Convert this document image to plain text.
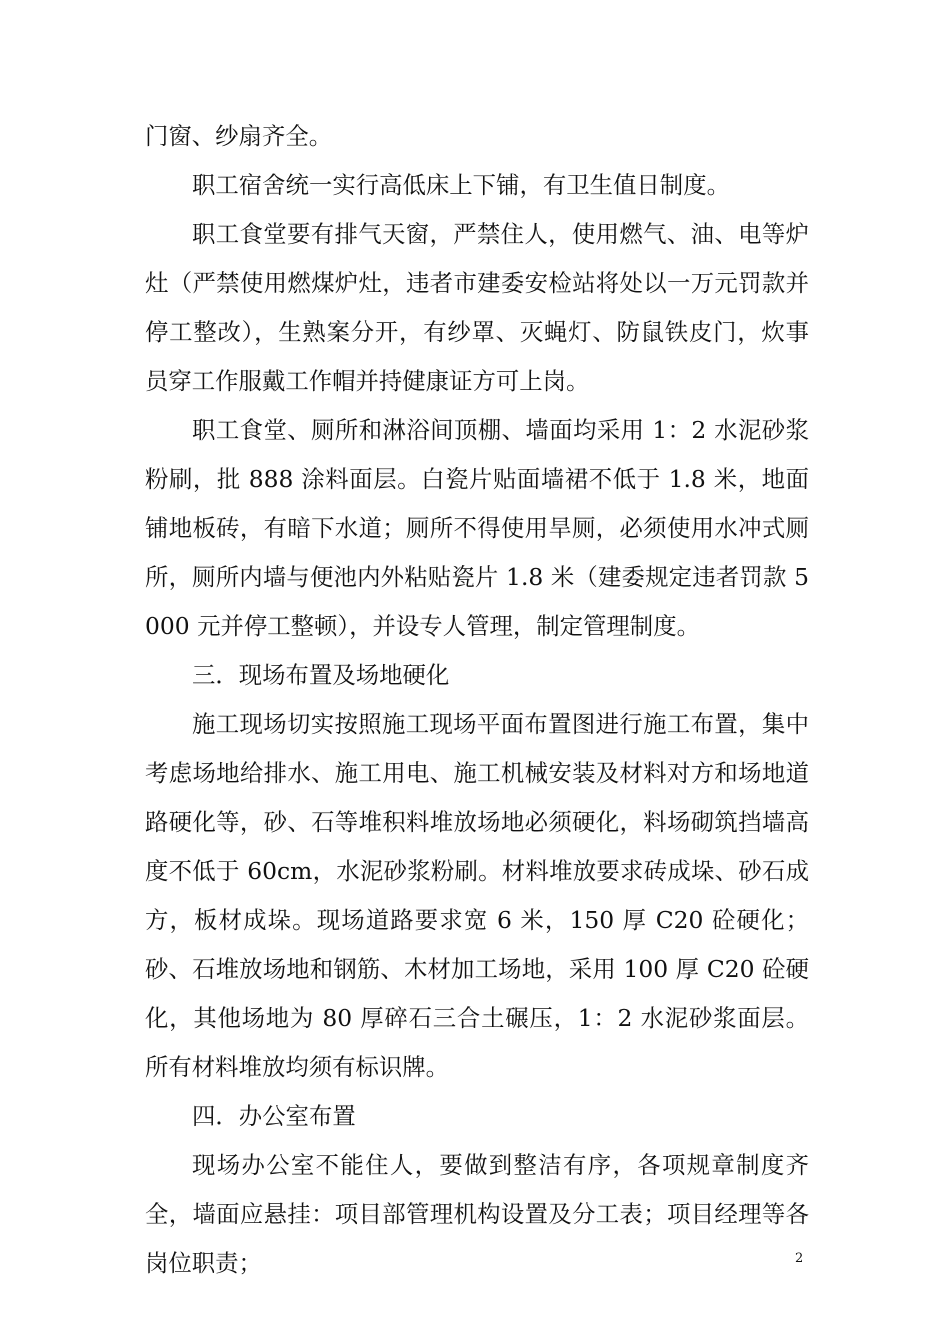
门窗、纱扇齐全。

职工宿舍统一实行高低床上下铺，有卫生值日制度。

职工食堂要有排气天窗，严禁住人，使用燃气、油、电等炉灶（严禁使用燃煤炉灶，违者市建委安检站将处以一万元罚款并停工整改），生熟案分开，有纱罩、灭蝇灯、防鼠铁皮门，炊事员穿工作服戴工作帽并持健康证方可上岗。

职工食堂、厕所和淋浴间顶棚、墙面均采用 1：2 水泥砂浆粉刷，批 888 涂料面层。白瓷片贴面墙裙不低于 1.8 米，地面铺地板砖，有暗下水道；厕所不得使用旱厕，必须使用水冲式厕所，厕所内墙与便池内外粘贴瓷片 1.8 米（建委规定违者罚款 5000 元并停工整顿），并设专人管理，制定管理制度。

三．现场布置及场地硬化

施工现场切实按照施工现场平面布置图进行施工布置，集中考虑场地给排水、施工用电、施工机械安装及材料对方和场地道路硬化等，砂、石等堆积料堆放场地必须硬化，料场砌筑挡墙高度不低于 60cm，水泥砂浆粉刷。材料堆放要求砖成垛、砂石成方，板材成垛。现场道路要求宽 6 米，150 厚 C20 砼硬化；砂、石堆放场地和钢筋、木材加工场地，采用 100 厚 C20 砼硬化，其他场地为 80 厚碎石三合土碾压，1：2 水泥砂浆面层。所有材料堆放均须有标识牌。

四．办公室布置

现场办公室不能住人，要做到整洁有序，各项规章制度齐全，墙面应悬挂：项目部管理机构设置及分工表；项目经理等各岗位职责；	2
